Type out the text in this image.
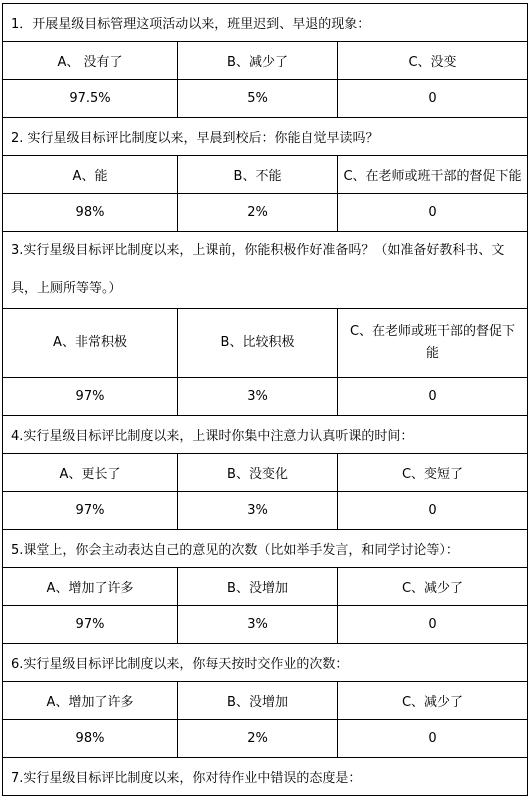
1．开展星级目标管理这项活动以来，班里迟到、早退的现象：		
A、 没有了	B、减少了	C、没变
97.5%	5%	0
2. 实行星级目标评比制度以来，早晨到校后：你能自觉早读吗？		
A、能	B、不能	C、在老师或班干部的督促下能
98%	2%	0
3.实行星级目标评比制度以来，上课前，你能积极作好准备吗？（如准备好教科书、文具，上厕所等等。）		
A、非常积极	B、比较积极	C、在老师或班干部的督促下能
97%	3%	0
4.实行星级目标评比制度以来，上课时你集中注意力认真听课的时间：		
A、更长了	B、没变化	C、变短了
97%	3%	0
5.课堂上，你会主动表达自己的意见的次数（比如举手发言，和同学讨论等）：		
A、增加了许多	B、没增加	C、减少了
97%	3%	0
6.实行星级目标评比制度以来，你每天按时交作业的次数：		
A、增加了许多	B、没增加	C、减少了
98%	2%	0
7.实行星级目标评比制度以来，你对待作业中错误的态度是：		
